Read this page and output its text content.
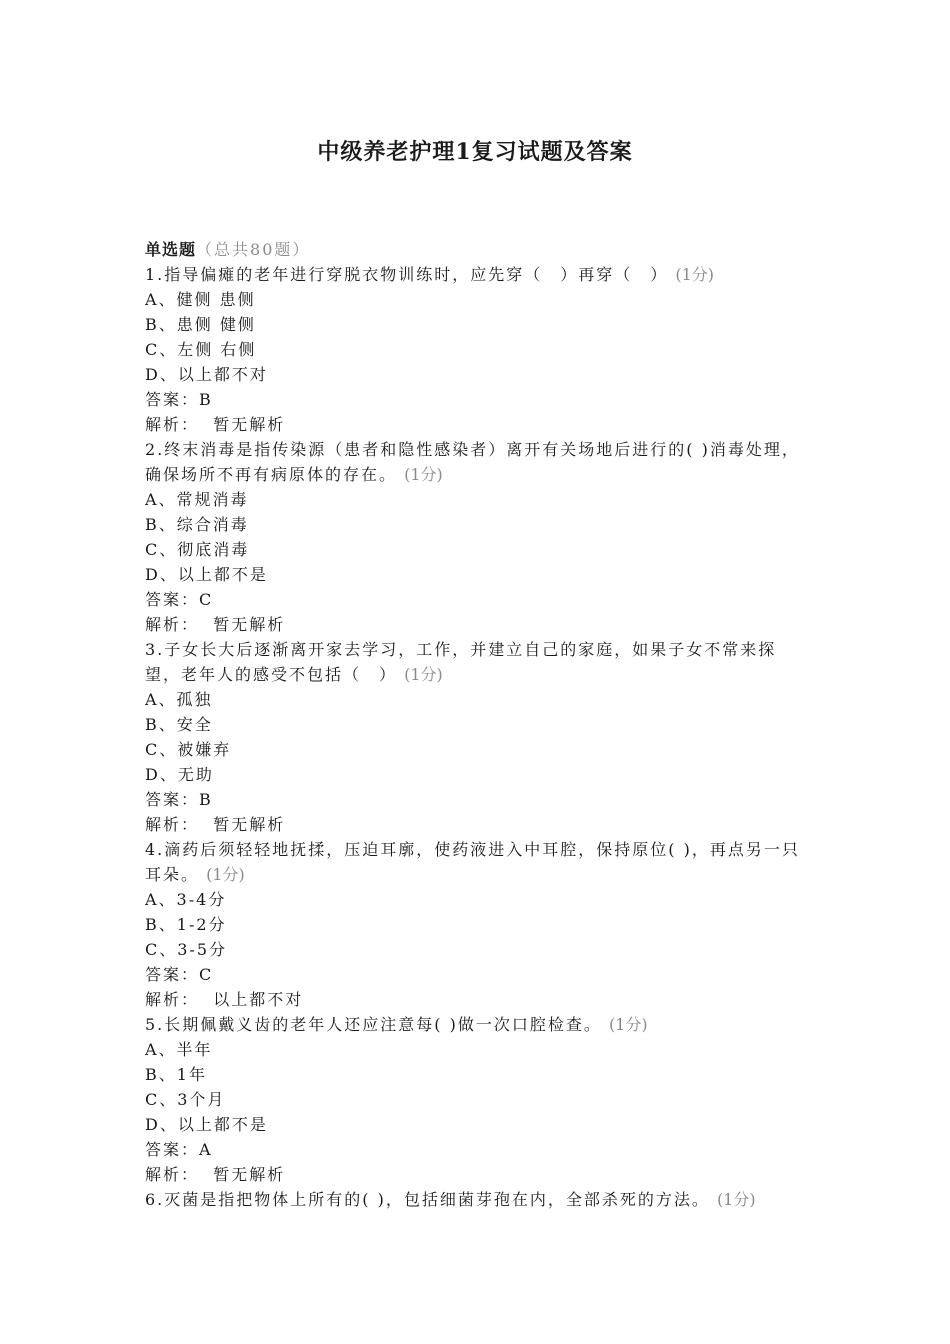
中级养老护理1复习试题及答案
单选题（总共80题）
1.指导偏瘫的老年进行穿脱衣物训练时，应先穿（　）再穿（　） (1分)
A、健侧 患侧
B、患侧 健侧
C、左侧 右侧
D、以上都不对
答案：B
解析： 暂无解析
2.终末消毒是指传染源（患者和隐性感染者）离开有关场地后进行的( )消毒处理，确保场所不再有病原体的存在。 (1分)
A、常规消毒
B、综合消毒
C、彻底消毒
D、以上都不是
答案：C
解析： 暂无解析
3.子女长大后逐渐离开家去学习，工作，并建立自己的家庭，如果子女不常来探望，老年人的感受不包括（　） (1分)
A、孤独
B、安全
C、被嫌弃
D、无助
答案：B
解析： 暂无解析
4.滴药后须轻轻地抚揉，压迫耳廓，使药液进入中耳腔，保持原位( )，再点另一只耳朵。 (1分)
A、3-4分
B、1-2分
C、3-5分
答案：C
解析： 以上都不对
5.长期佩戴义齿的老年人还应注意每( )做一次口腔检查。 (1分)
A、半年
B、1年
C、3个月
D、以上都不是
答案：A
解析： 暂无解析
6.灭菌是指把物体上所有的( )，包括细菌芽孢在内，全部杀死的方法。 (1分)
